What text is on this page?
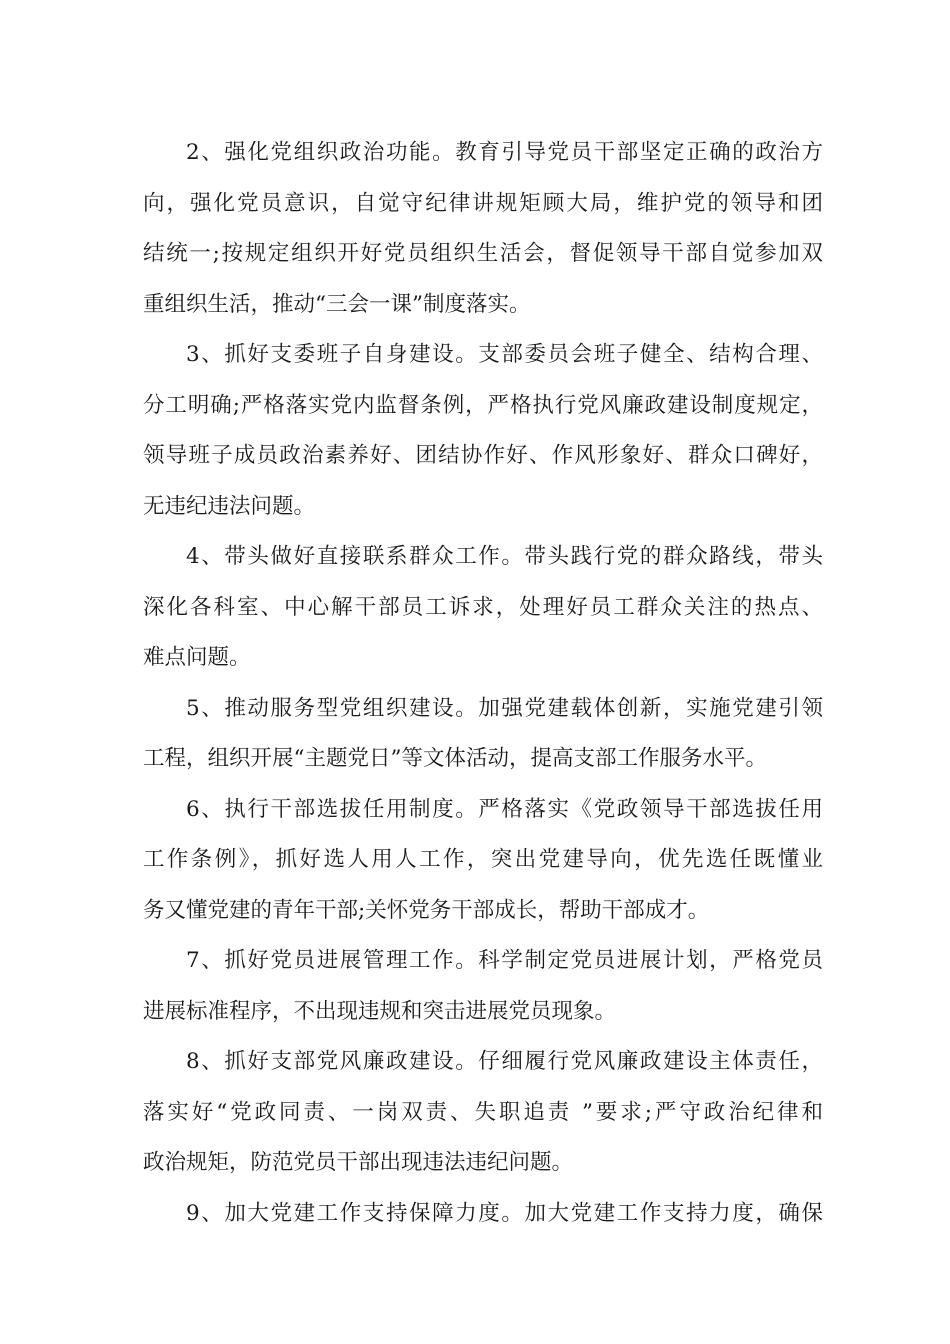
2、强化党组织政治功能。教育引导党员干部坚定正确的政治方
向，强化党员意识，自觉守纪律讲规矩顾大局，维护党的领导和团
结统一;按规定组织开好党员组织生活会，督促领导干部自觉参加双
重组织生活，推动“三会一课”制度落实。

3、抓好支委班子自身建设。支部委员会班子健全、结构合理、
分工明确;严格落实党内监督条例，严格执行党风廉政建设制度规定，
领导班子成员政治素养好、团结协作好、作风形象好、群众口碑好，
无违纪违法问题。

4、带头做好直接联系群众工作。带头践行党的群众路线，带头
深化各科室、中心解干部员工诉求，处理好员工群众关注的热点、
难点问题。

5、推动服务型党组织建设。加强党建载体创新，实施党建引领
工程，组织开展“主题党日”等文体活动，提高支部工作服务水平。

6、执行干部选拔任用制度。严格落实《党政领导干部选拔任用
工作条例》，抓好选人用人工作，突出党建导向，优先选任既懂业
务又懂党建的青年干部;关怀党务干部成长，帮助干部成才。

7、抓好党员进展管理工作。科学制定党员进展计划，严格党员
进展标准程序，不出现违规和突击进展党员现象。

8、抓好支部党风廉政建设。仔细履行党风廉政建设主体责任，
落实好“党政同责、一岗双责、失职追责 ”要求;严守政治纪律和
政治规矩，防范党员干部出现违法违纪问题。

9、加大党建工作支持保障力度。加大党建工作支持力度，确保
